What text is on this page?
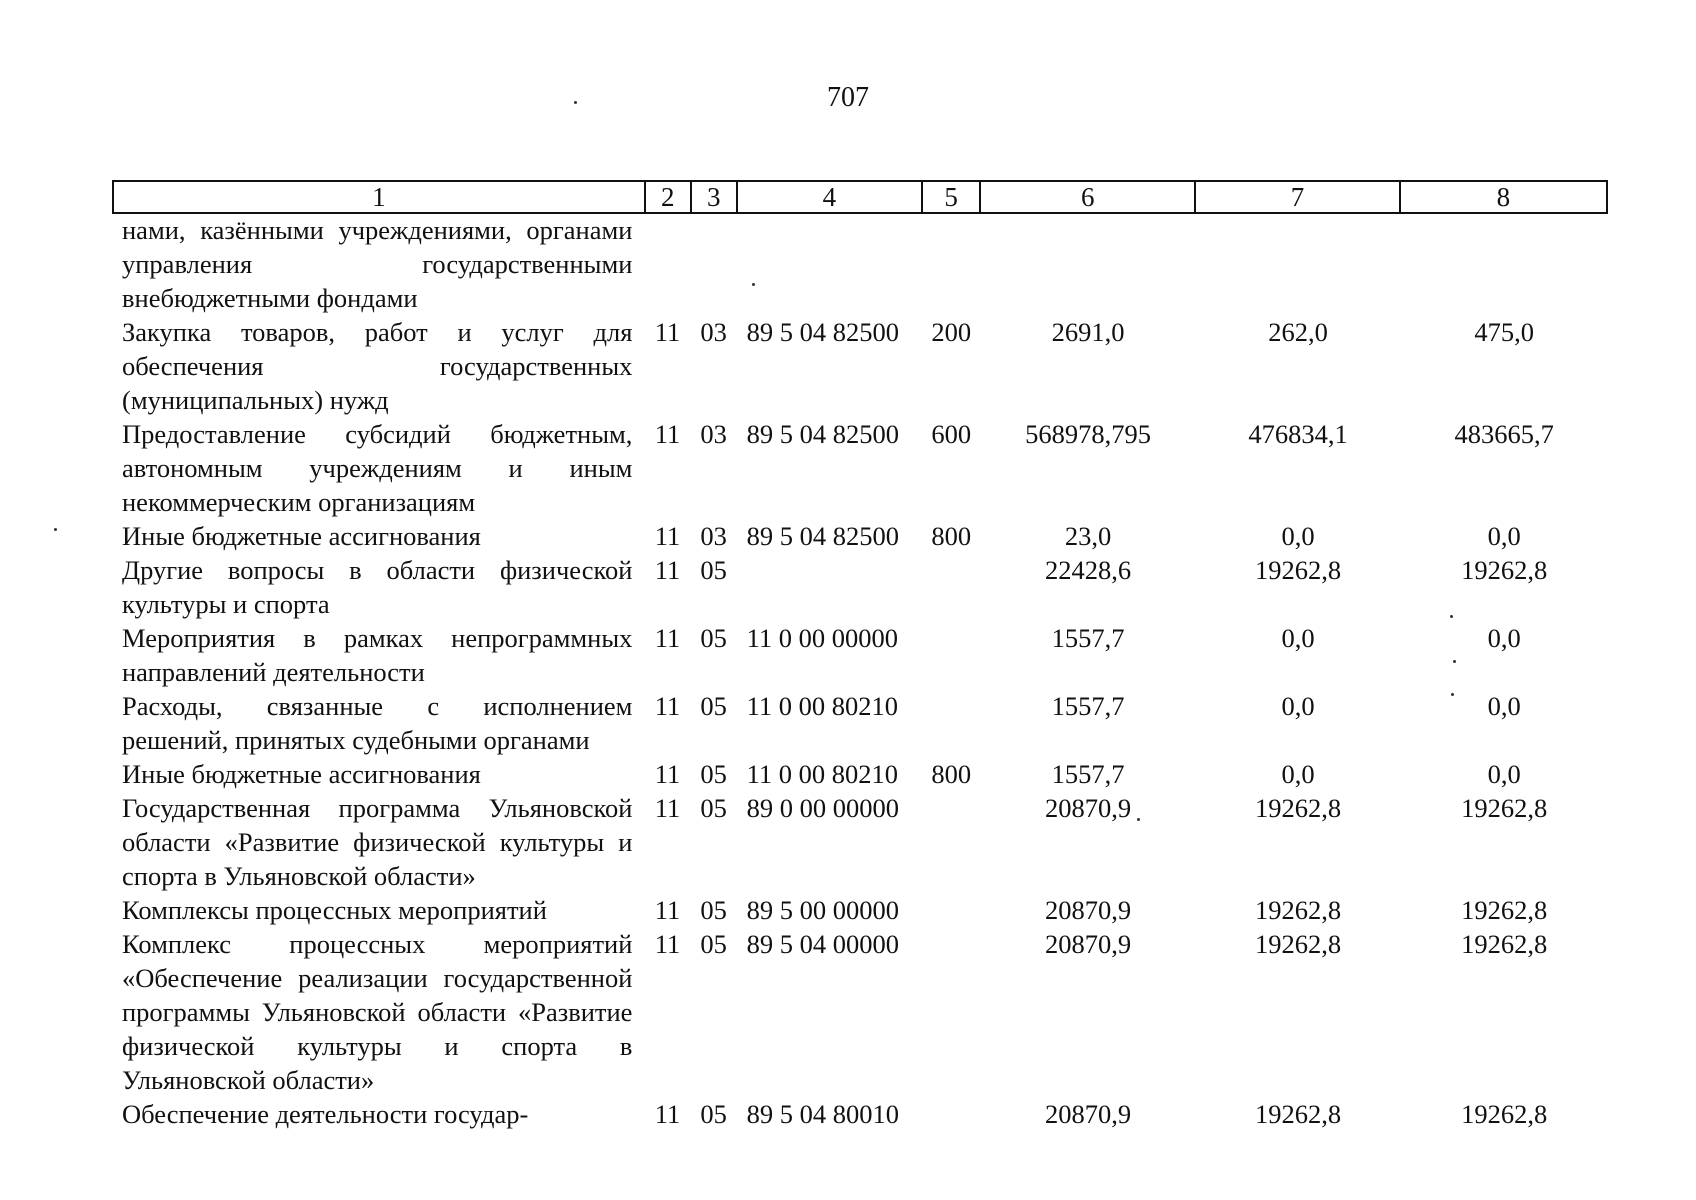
707
1	2	3	4	5	6	7	8
нами, казёнными учреждениями, органами управления государственными внебюджетными фондами							
Закупка товаров, работ и услуг для обеспечения государственных (муниципальных) нужд	11	03	89 5 04 82500	200	2691,0	262,0	475,0
Предоставление субсидий бюджетным, автономным учреждениям и иным некоммерческим организациям	11	03	89 5 04 82500	600	568978,795	476834,1	483665,7
Иные бюджетные ассигнования	11	03	89 5 04 82500	800	23,0	0,0	0,0
Другие вопросы в области физической культуры и спорта	11	05			22428,6	19262,8	19262,8
Мероприятия в рамках непрограммных направлений деятельности	11	05	11 0 00 00000		1557,7	0,0	0,0
Расходы, связанные с исполнением решений, принятых судебными органами	11	05	11 0 00 80210		1557,7	0,0	0,0
Иные бюджетные ассигнования	11	05	11 0 00 80210	800	1557,7	0,0	0,0
Государственная программа Ульяновской области «Развитие физической культуры и спорта в Ульяновской области»	11	05	89 0 00 00000		20870,9	19262,8	19262,8
Комплексы процессных мероприятий	11	05	89 5 00 00000		20870,9	19262,8	19262,8
Комплекс процессных мероприятий «Обеспечение реализации государственной программы Ульяновской области «Развитие физической культуры и спорта в Ульяновской области»	11	05	89 5 04 00000		20870,9	19262,8	19262,8
Обеспечение деятельности государ-	11	05	89 5 04 80010		20870,9	19262,8	19262,8
